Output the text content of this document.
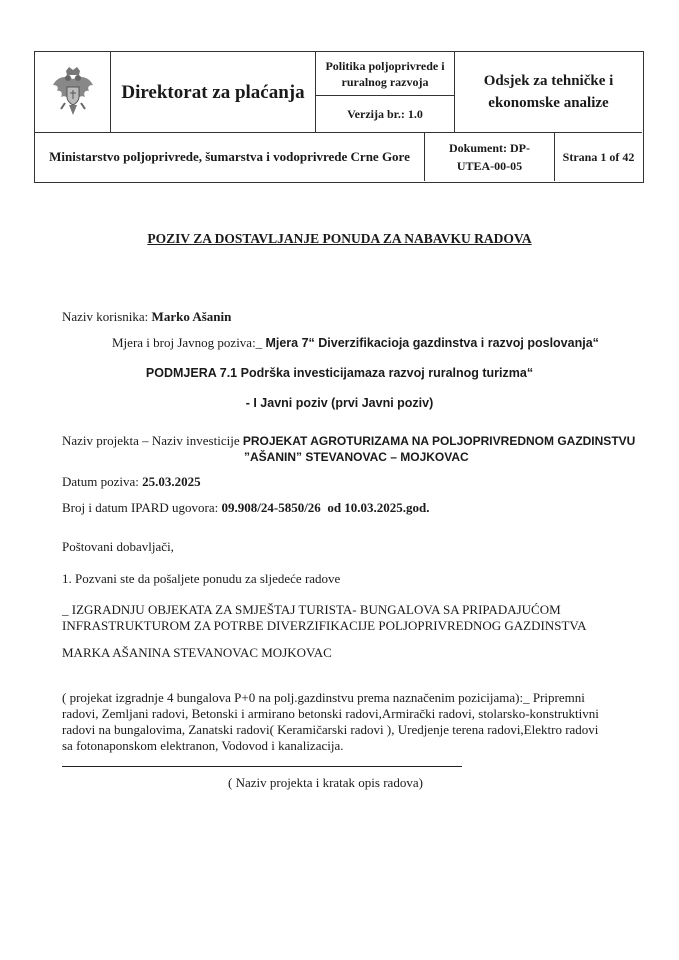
Direktorat za plaćanja
Politika poljoprivrede i ruralnog razvoja
Verzija br.: 1.0
Odsjek za tehničke i ekonomske analize
Ministarstvo poljoprivrede, šumarstva i vodoprivrede Crne Gore
Dokument: DP-UTEA-00-05
Strana 1 of 42
POZIV ZA DOSTAVLJANJE PONUDA ZA NABAVKU RADOVA
Naziv korisnika: Marko Ašanin
Mjera i broj Javnog poziva:_ Mjera 7“ Diverzifikacioja gazdinstva i razvoj poslovanja“
PODMJERA 7.1 Podrška investicijamaza razvoj ruralnog turizma“
- I Javni poziv (prvi Javni poziv)
Naziv projekta – Naziv investicije PROJEKAT AGROTURIZAMA NA POLJOPRIVREDNOM GAZDINSTVU
”AŠANIN” STEVANOVAC – MOJKOVAC
Datum poziva: 25.03.2025
Broj i datum IPARD ugovora: 09.908/24-5850/26 od 10.03.2025.god.
Poštovani dobavljači,
1. Pozvani ste da pošaljete ponudu za sljedeće radove
_ IZGRADNJU OBJEKATA ZA SMJEŠTAJ TURISTA- BUNGALOVA SA PRIPADAJUĆOM
INFRASTRUKTUROM ZA POTRBE DIVERZIFIKACIJE POLJOPRIVREDNOG GAZDINSTVA
MARKA AŠANINA STEVANOVAC MOJKOVAC
( projekat izgradnje 4 bungalova P+0 na polj.gazdinstvu prema naznačenim pozicijama):_ Pripremni
radovi, Zemljani radovi, Betonski i armirano betonski radovi,Armirački radovi, stolarsko-konstruktivni
radovi na bungalovima, Zanatski radovi( Keramičarski radovi ), Uredjenje terena radovi,Elektro radovi
sa fotonaponskom elektranon, Vodovod i kanalizacija.
( Naziv projekta i kratak opis radova)
